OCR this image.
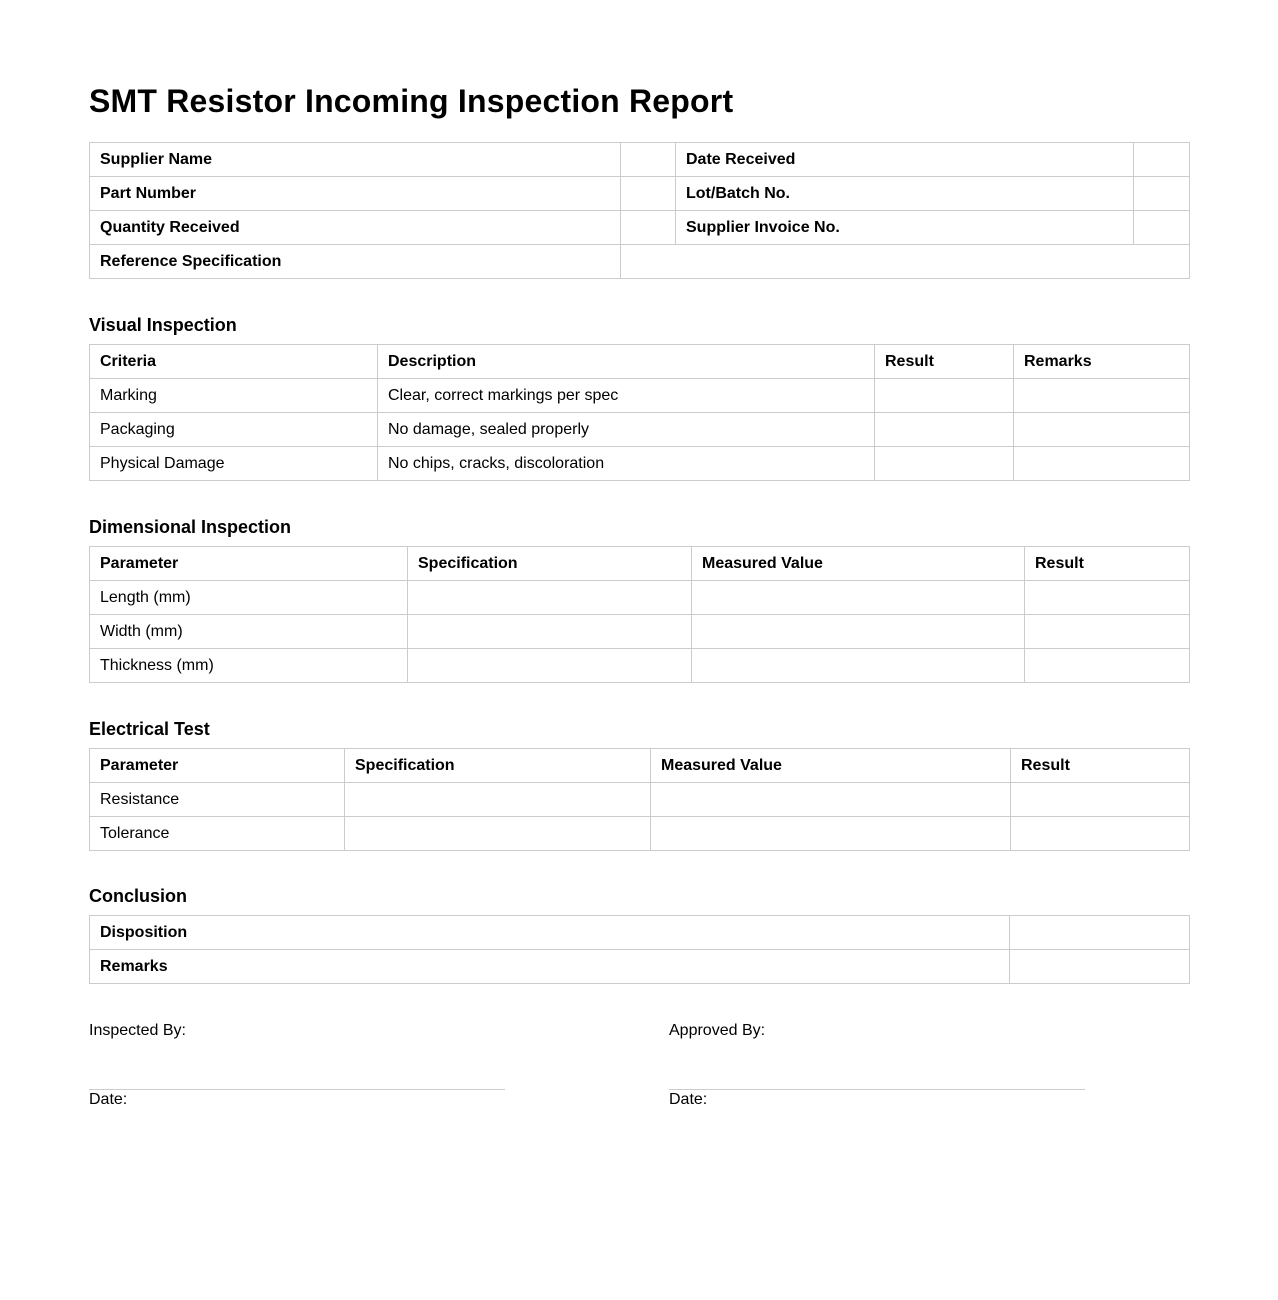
SMT Resistor Incoming Inspection Report
Supplier Name		Date Received	
Part Number		Lot/Batch No.	
Quantity Received		Supplier Invoice No.	
Reference Specification			
Visual Inspection
Criteria	Description	Result	Remarks
Marking	Clear, correct markings per spec		
Packaging	No damage, sealed properly		
Physical Damage	No chips, cracks, discoloration		
Dimensional Inspection
Parameter	Specification	Measured Value	Result
Length (mm)			
Width (mm)			
Thickness (mm)			
Electrical Test
Parameter	Specification	Measured Value	Result
Resistance			
Tolerance			
Conclusion
Disposition	
Remarks	
Inspected By:	Approved By:
Date:	Date:
